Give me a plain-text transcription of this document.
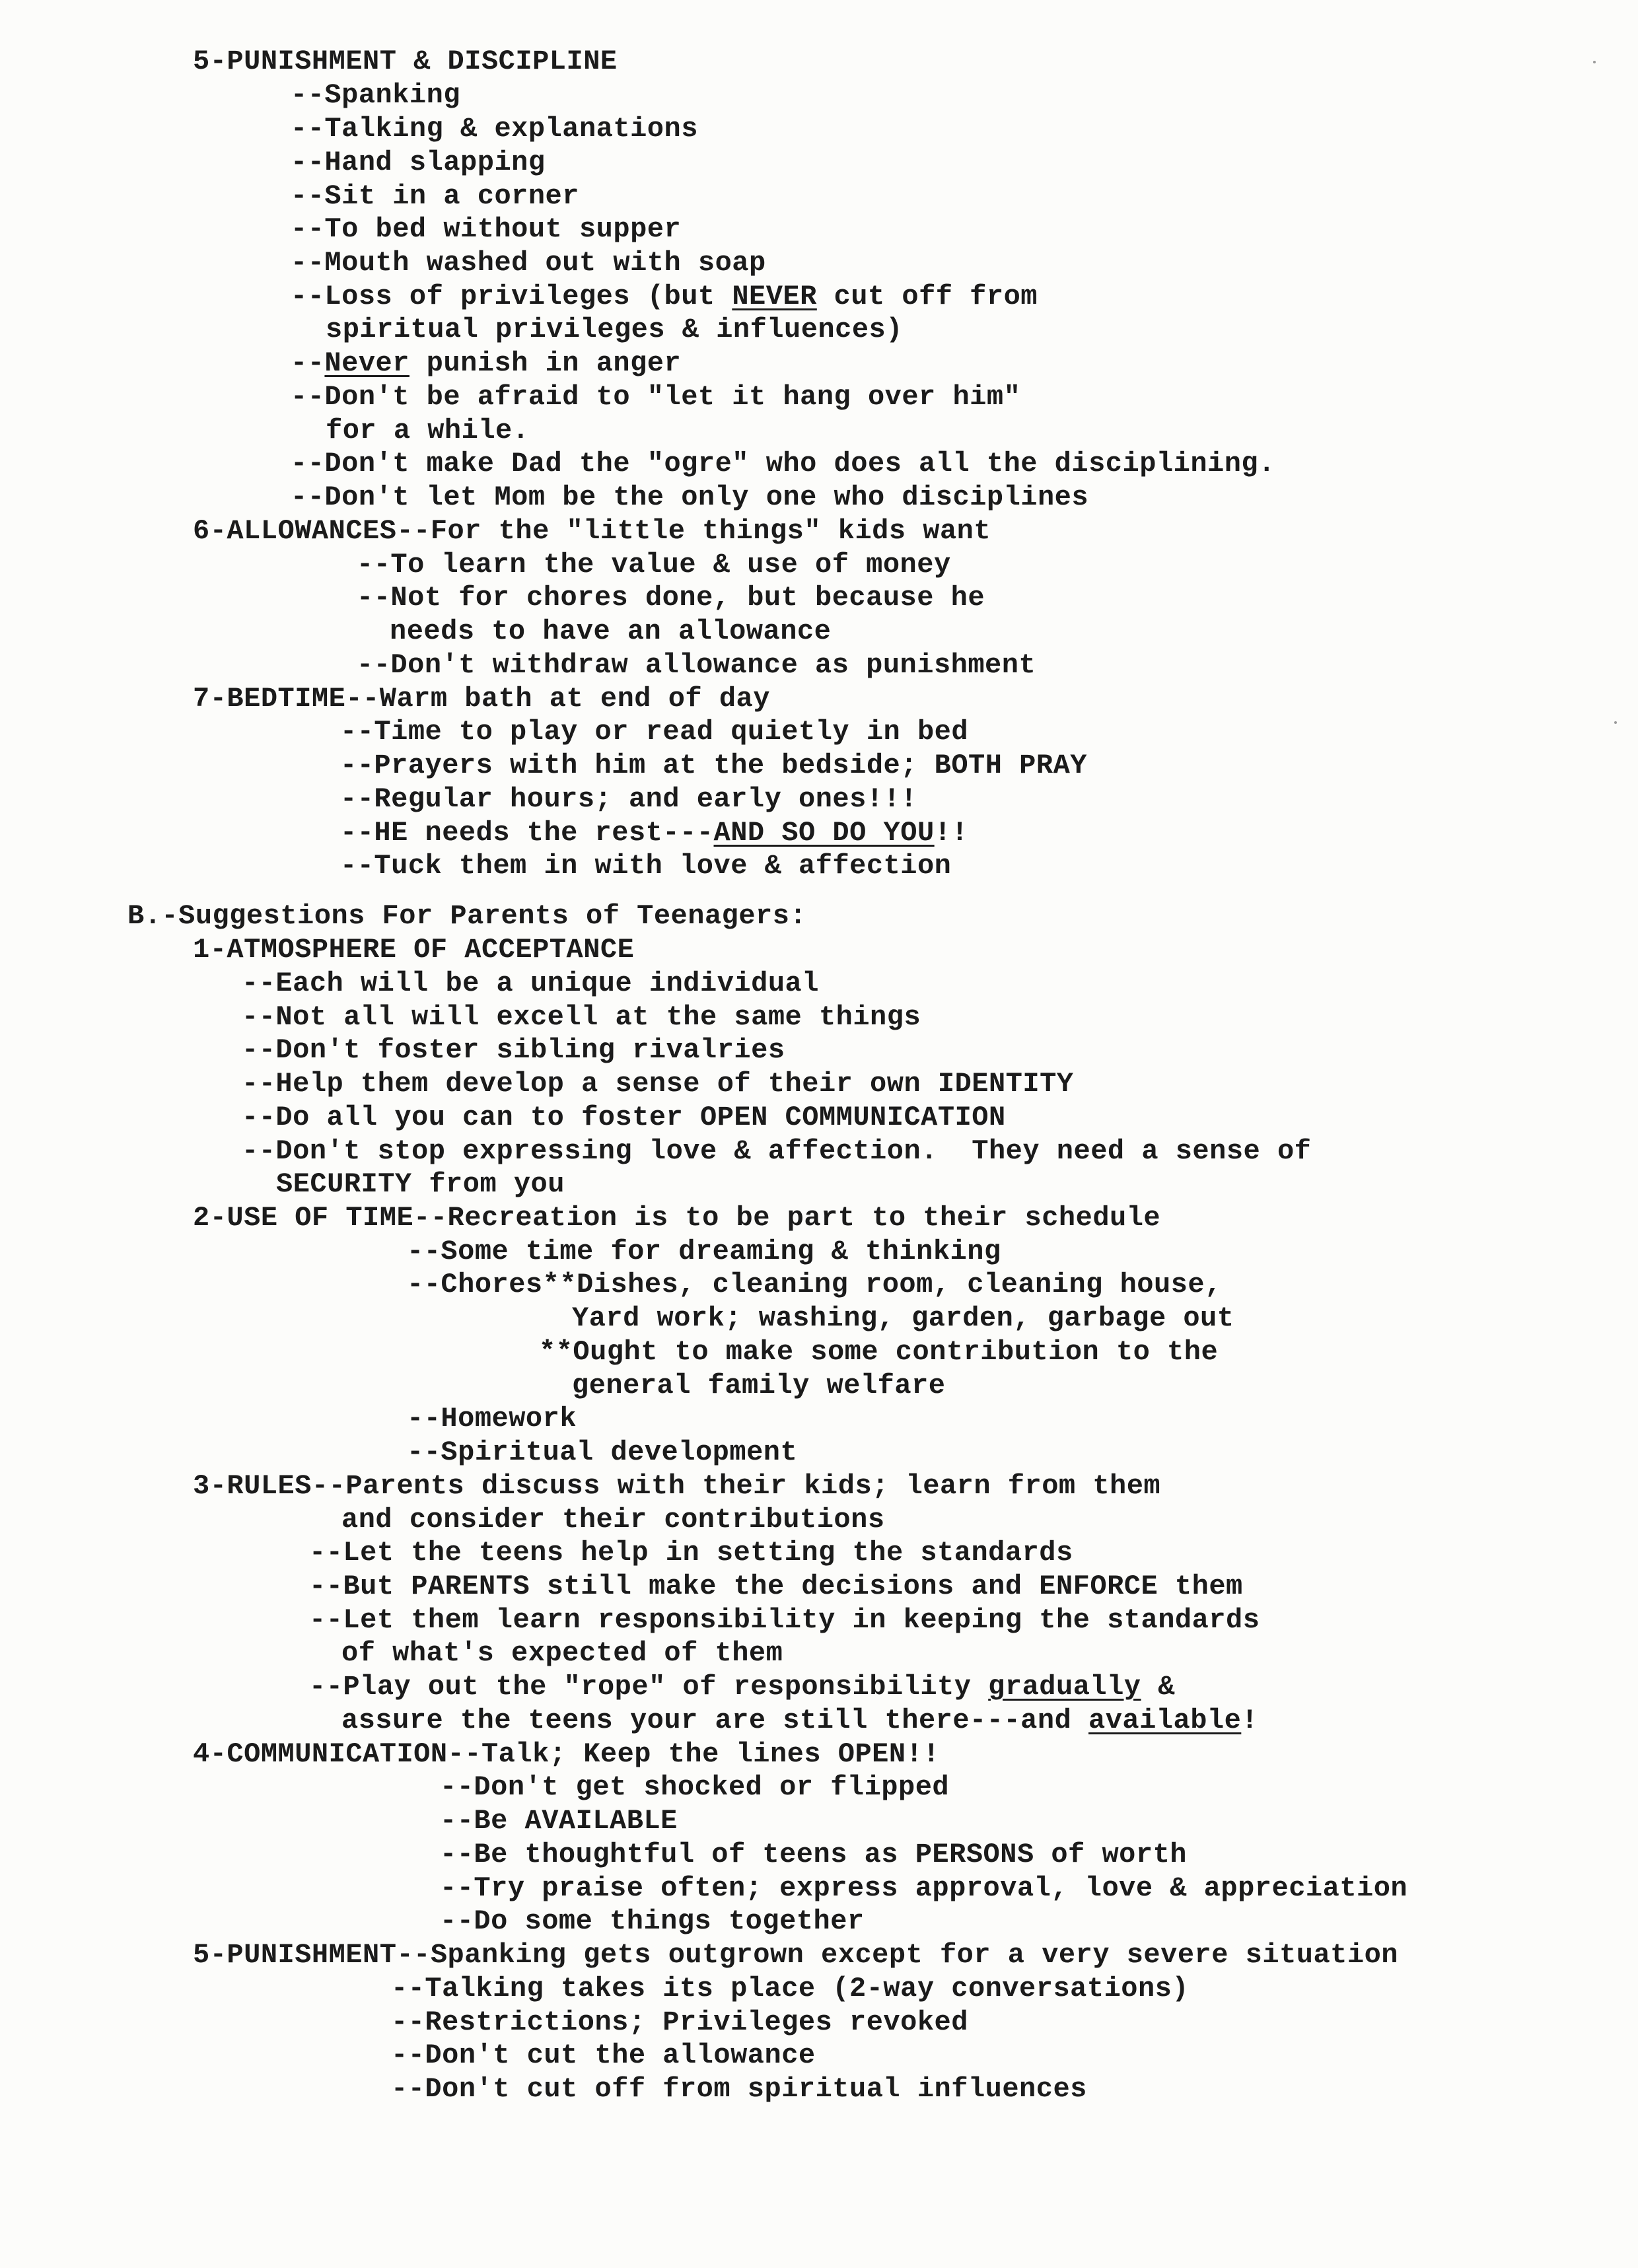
5-PUNISHMENT & DISCIPLINE
--Spanking
--Talking & explanations
--Hand slapping
--Sit in a corner
--To bed without supper
--Mouth washed out with soap
--Loss of privileges (but NEVER cut off from
spiritual privileges & influences)
--Never punish in anger
--Don't be afraid to "let it hang over him"
for a while.
--Don't make Dad the "ogre" who does all the disciplining.
--Don't let Mom be the only one who disciplines
6-ALLOWANCES--For the "little things" kids want
--To learn the value & use of money
--Not for chores done, but because he
needs to have an allowance
--Don't withdraw allowance as punishment
7-BEDTIME--Warm bath at end of day
--Time to play or read quietly in bed
--Prayers with him at the bedside; BOTH PRAY
--Regular hours; and early ones!!!
--HE needs the rest---AND SO DO YOU!!
--Tuck them in with love & affection
B.-Suggestions For Parents of Teenagers:
1-ATMOSPHERE OF ACCEPTANCE
--Each will be a unique individual
--Not all will excell at the same things
--Don't foster sibling rivalries
--Help them develop a sense of their own IDENTITY
--Do all you can to foster OPEN COMMUNICATION
--Don't stop expressing love & affection.  They need a sense of
SECURITY from you
2-USE OF TIME--Recreation is to be part to their schedule
--Some time for dreaming & thinking
--Chores**Dishes, cleaning room, cleaning house,
Yard work; washing, garden, garbage out
**Ought to make some contribution to the
general family welfare
--Homework
--Spiritual development
3-RULES--Parents discuss with their kids; learn from them
and consider their contributions
--Let the teens help in setting the standards
--But PARENTS still make the decisions and ENFORCE them
--Let them learn responsibility in keeping the standards
of what's expected of them
--Play out the "rope" of responsibility gradually &
assure the teens your are still there---and available!
4-COMMUNICATION--Talk; Keep the lines OPEN!!
--Don't get shocked or flipped
--Be AVAILABLE
--Be thoughtful of teens as PERSONS of worth
--Try praise often; express approval, love & appreciation
--Do some things together
5-PUNISHMENT--Spanking gets outgrown except for a very severe situation
--Talking takes its place (2-way conversations)
--Restrictions; Privileges revoked
--Don't cut the allowance
--Don't cut off from spiritual influences
